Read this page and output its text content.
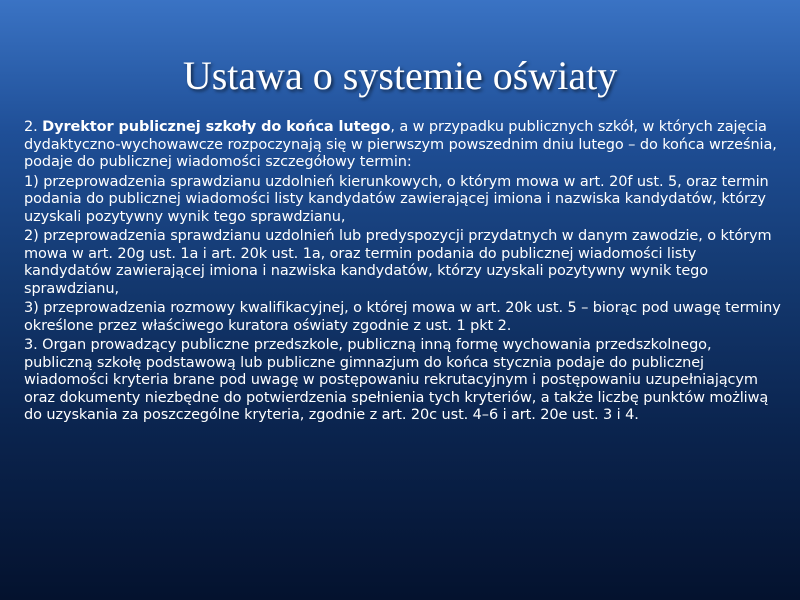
Ustawa o systemie oświaty

2. Dyrektor publicznej szkoły do końca lutego, a w przypadku publicznych szkół, w których zajęcia dydaktyczno-wychowawcze rozpoczynają się w pierwszym powszednim dniu lutego – do końca września, podaje do publicznej wiadomości szczegółowy termin:

1) przeprowadzenia sprawdzianu uzdolnień kierunkowych, o którym mowa w art. 20f ust. 5, oraz termin podania do publicznej wiadomości listy kandydatów zawierającej imiona i nazwiska kandydatów, którzy uzyskali pozytywny wynik tego sprawdzianu,

2) przeprowadzenia sprawdzianu uzdolnień lub predyspozycji przydatnych w danym zawodzie, o którym mowa w art. 20g ust. 1a i art. 20k ust. 1a, oraz termin podania do publicznej wiadomości listy kandydatów zawierającej imiona i nazwiska kandydatów, którzy uzyskali pozytywny wynik tego sprawdzianu,

3) przeprowadzenia rozmowy kwalifikacyjnej, o której mowa w art. 20k ust. 5 – biorąc pod uwagę terminy określone przez właściwego kuratora oświaty zgodnie z ust. 1 pkt 2.

3. Organ prowadzący publiczne przedszkole, publiczną inną formę wychowania przedszkolnego, publiczną szkołę podstawową lub publiczne gimnazjum do końca stycznia podaje do publicznej wiadomości kryteria brane pod uwagę w postępowaniu rekrutacyjnym i postępowaniu uzupełniającym oraz dokumenty niezbędne do potwierdzenia spełnienia tych kryteriów, a także liczbę punktów możliwą do uzyskania za poszczególne kryteria, zgodnie z art. 20c ust. 4–6 i art. 20e ust. 3 i 4.
